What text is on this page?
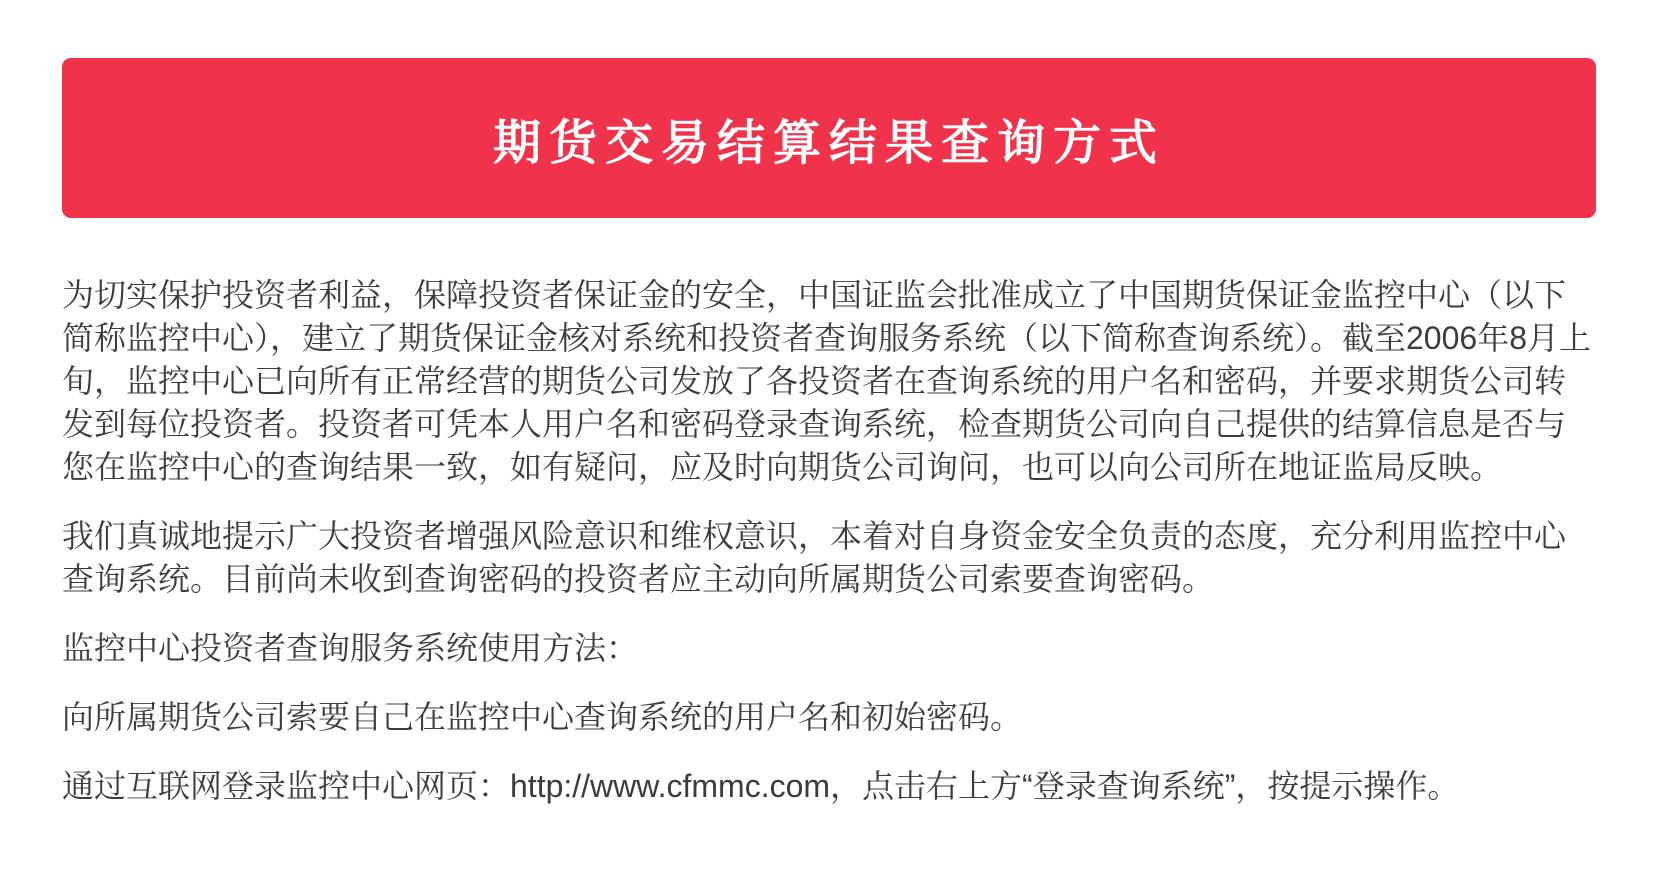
期货交易结算结果查询方式

为切实保护投资者利益，保障投资者保证金的安全，中国证监会批准成立了中国期货保证金监控中心（以下简称监控中心），建立了期货保证金核对系统和投资者查询服务系统（以下简称查询系统）。截至2006年8月上旬，监控中心已向所有正常经营的期货公司发放了各投资者在查询系统的用户名和密码，并要求期货公司转发到每位投资者。投资者可凭本人用户名和密码登录查询系统，检查期货公司向自己提供的结算信息是否与您在监控中心的查询结果一致，如有疑问，应及时向期货公司询问，也可以向公司所在地证监局反映。

我们真诚地提示广大投资者增强风险意识和维权意识，本着对自身资金安全负责的态度，充分利用监控中心查询系统。目前尚未收到查询密码的投资者应主动向所属期货公司索要查询密码。

监控中心投资者查询服务系统使用方法：

向所属期货公司索要自己在监控中心查询系统的用户名和初始密码。

通过互联网登录监控中心网页：http://www.cfmmc.com，点击右上方“登录查询系统”，按提示操作。
